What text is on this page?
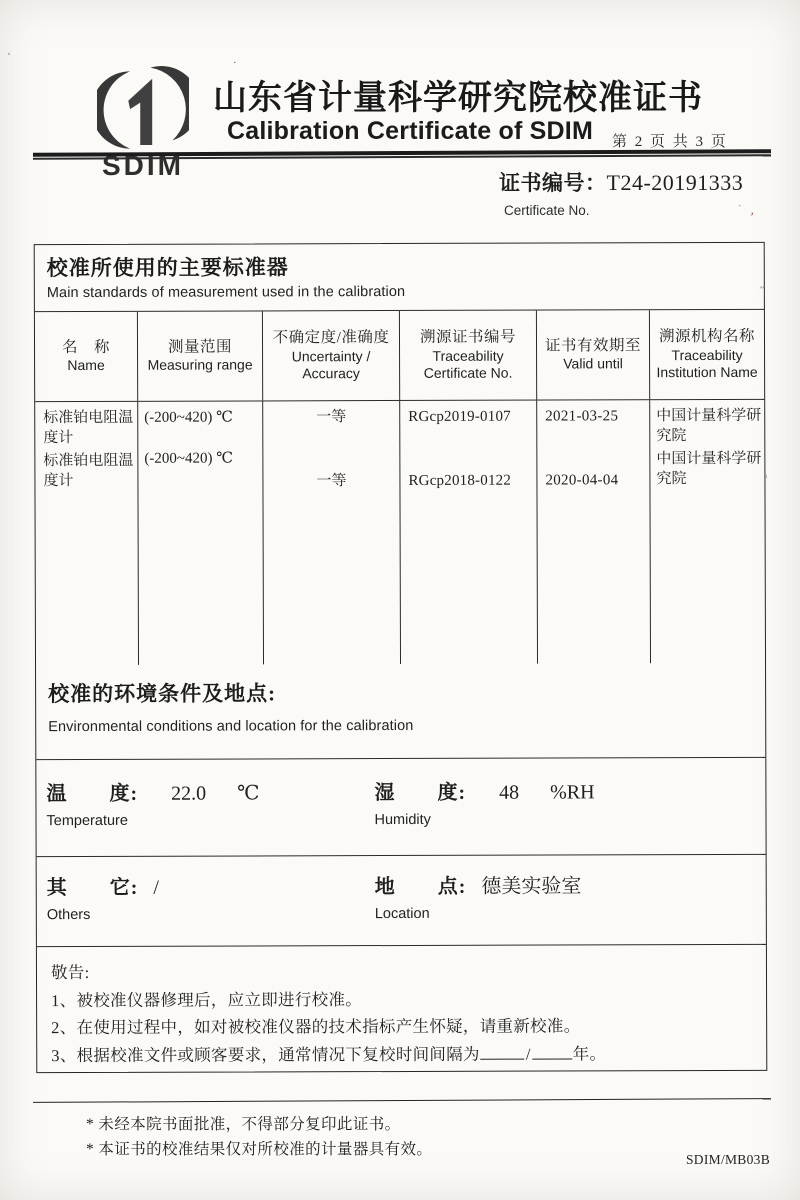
SDIM
山东省计量科学研究院校准证书
Calibration Certificate of SDIM 第 2 页 共 3 页
证书编号：T24-20191333
Certificate No.
校准所使用的主要标准器
Main standards of measurement used in the calibration
名　称
Name
测量范围
Measuring range
不确定度/准确度
Uncertainty / Accuracy
溯源证书编号
Traceability Certificate No.
证书有效期至
Valid until
溯源机构名称
Traceability Institution Name
标准铂电阻温度计
标准铂电阻温度计
(-200~420) ℃
(-200~420) ℃
一等
一等
RGcp2019-0107
RGcp2018-0122
2021-03-25
2020-04-04
中国计量科学研究院
中国计量科学研究院
校准的环境条件及地点:
Environmental conditions and location for the calibration
温　　度: 22.0 ℃
Temperature
湿　　度: 48 %RH
Humidity
其　　它: /
Others
地　　点: 德美实验室
Location
敬告:
1、被校准仪器修理后，应立即进行校准。
2、在使用过程中，如对被校准仪器的技术指标产生怀疑，请重新校准。
3、根据校准文件或顾客要求，通常情况下复校时间间隔为	/	年。
* 未经本院书面批准，不得部分复印此证书。
* 本证书的校准结果仅对所校准的计量器具有效。
SDIM/MB03B
’
˝
·
ˏ
ʻ
˗
